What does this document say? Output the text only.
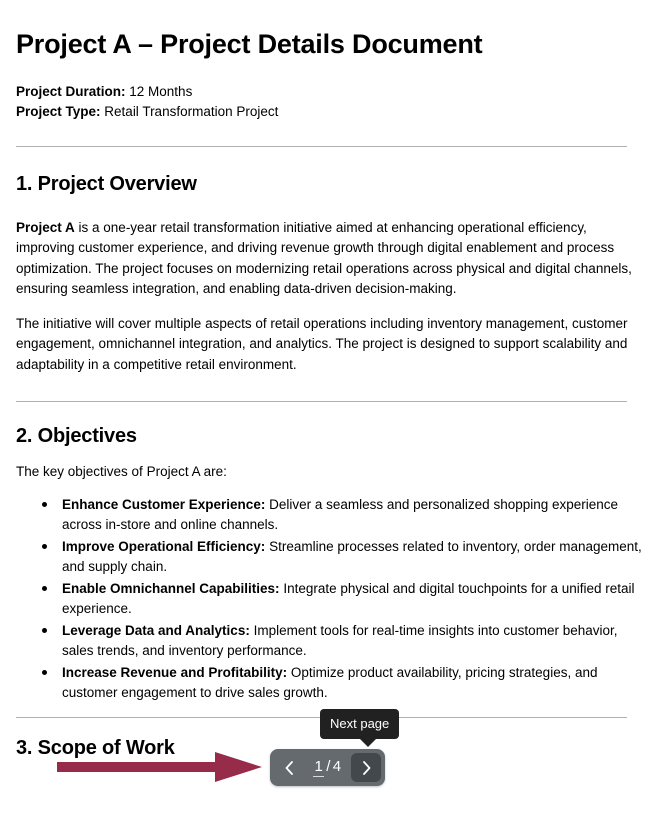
Project A – Project Details Document
Project Duration: 12 Months
Project Type: Retail Transformation Project
1. Project Overview

Project A is a one-year retail transformation initiative aimed at enhancing operational efficiency, improving customer experience, and driving revenue growth through digital enablement and process optimization. The project focuses on modernizing retail operations across physical and digital channels, ensuring seamless integration, and enabling data-driven decision-making.

The initiative will cover multiple aspects of retail operations including inventory management, customer engagement, omnichannel integration, and analytics. The project is designed to support scalability and adaptability in a competitive retail environment.

2. Objectives

The key objectives of Project A are:

Enhance Customer Experience: Deliver a seamless and personalized shopping experience across in-store and online channels.
Improve Operational Efficiency: Streamline processes related to inventory, order management, and supply chain.
Enable Omnichannel Capabilities: Integrate physical and digital touchpoints for a unified retail experience.
Leverage Data and Analytics: Implement tools for real-time insights into customer behavior, sales trends, and inventory performance.
Increase Revenue and Profitability: Optimize product availability, pricing strategies, and customer engagement to drive sales growth.
3. Scope of Work
1 / 4
Next page
